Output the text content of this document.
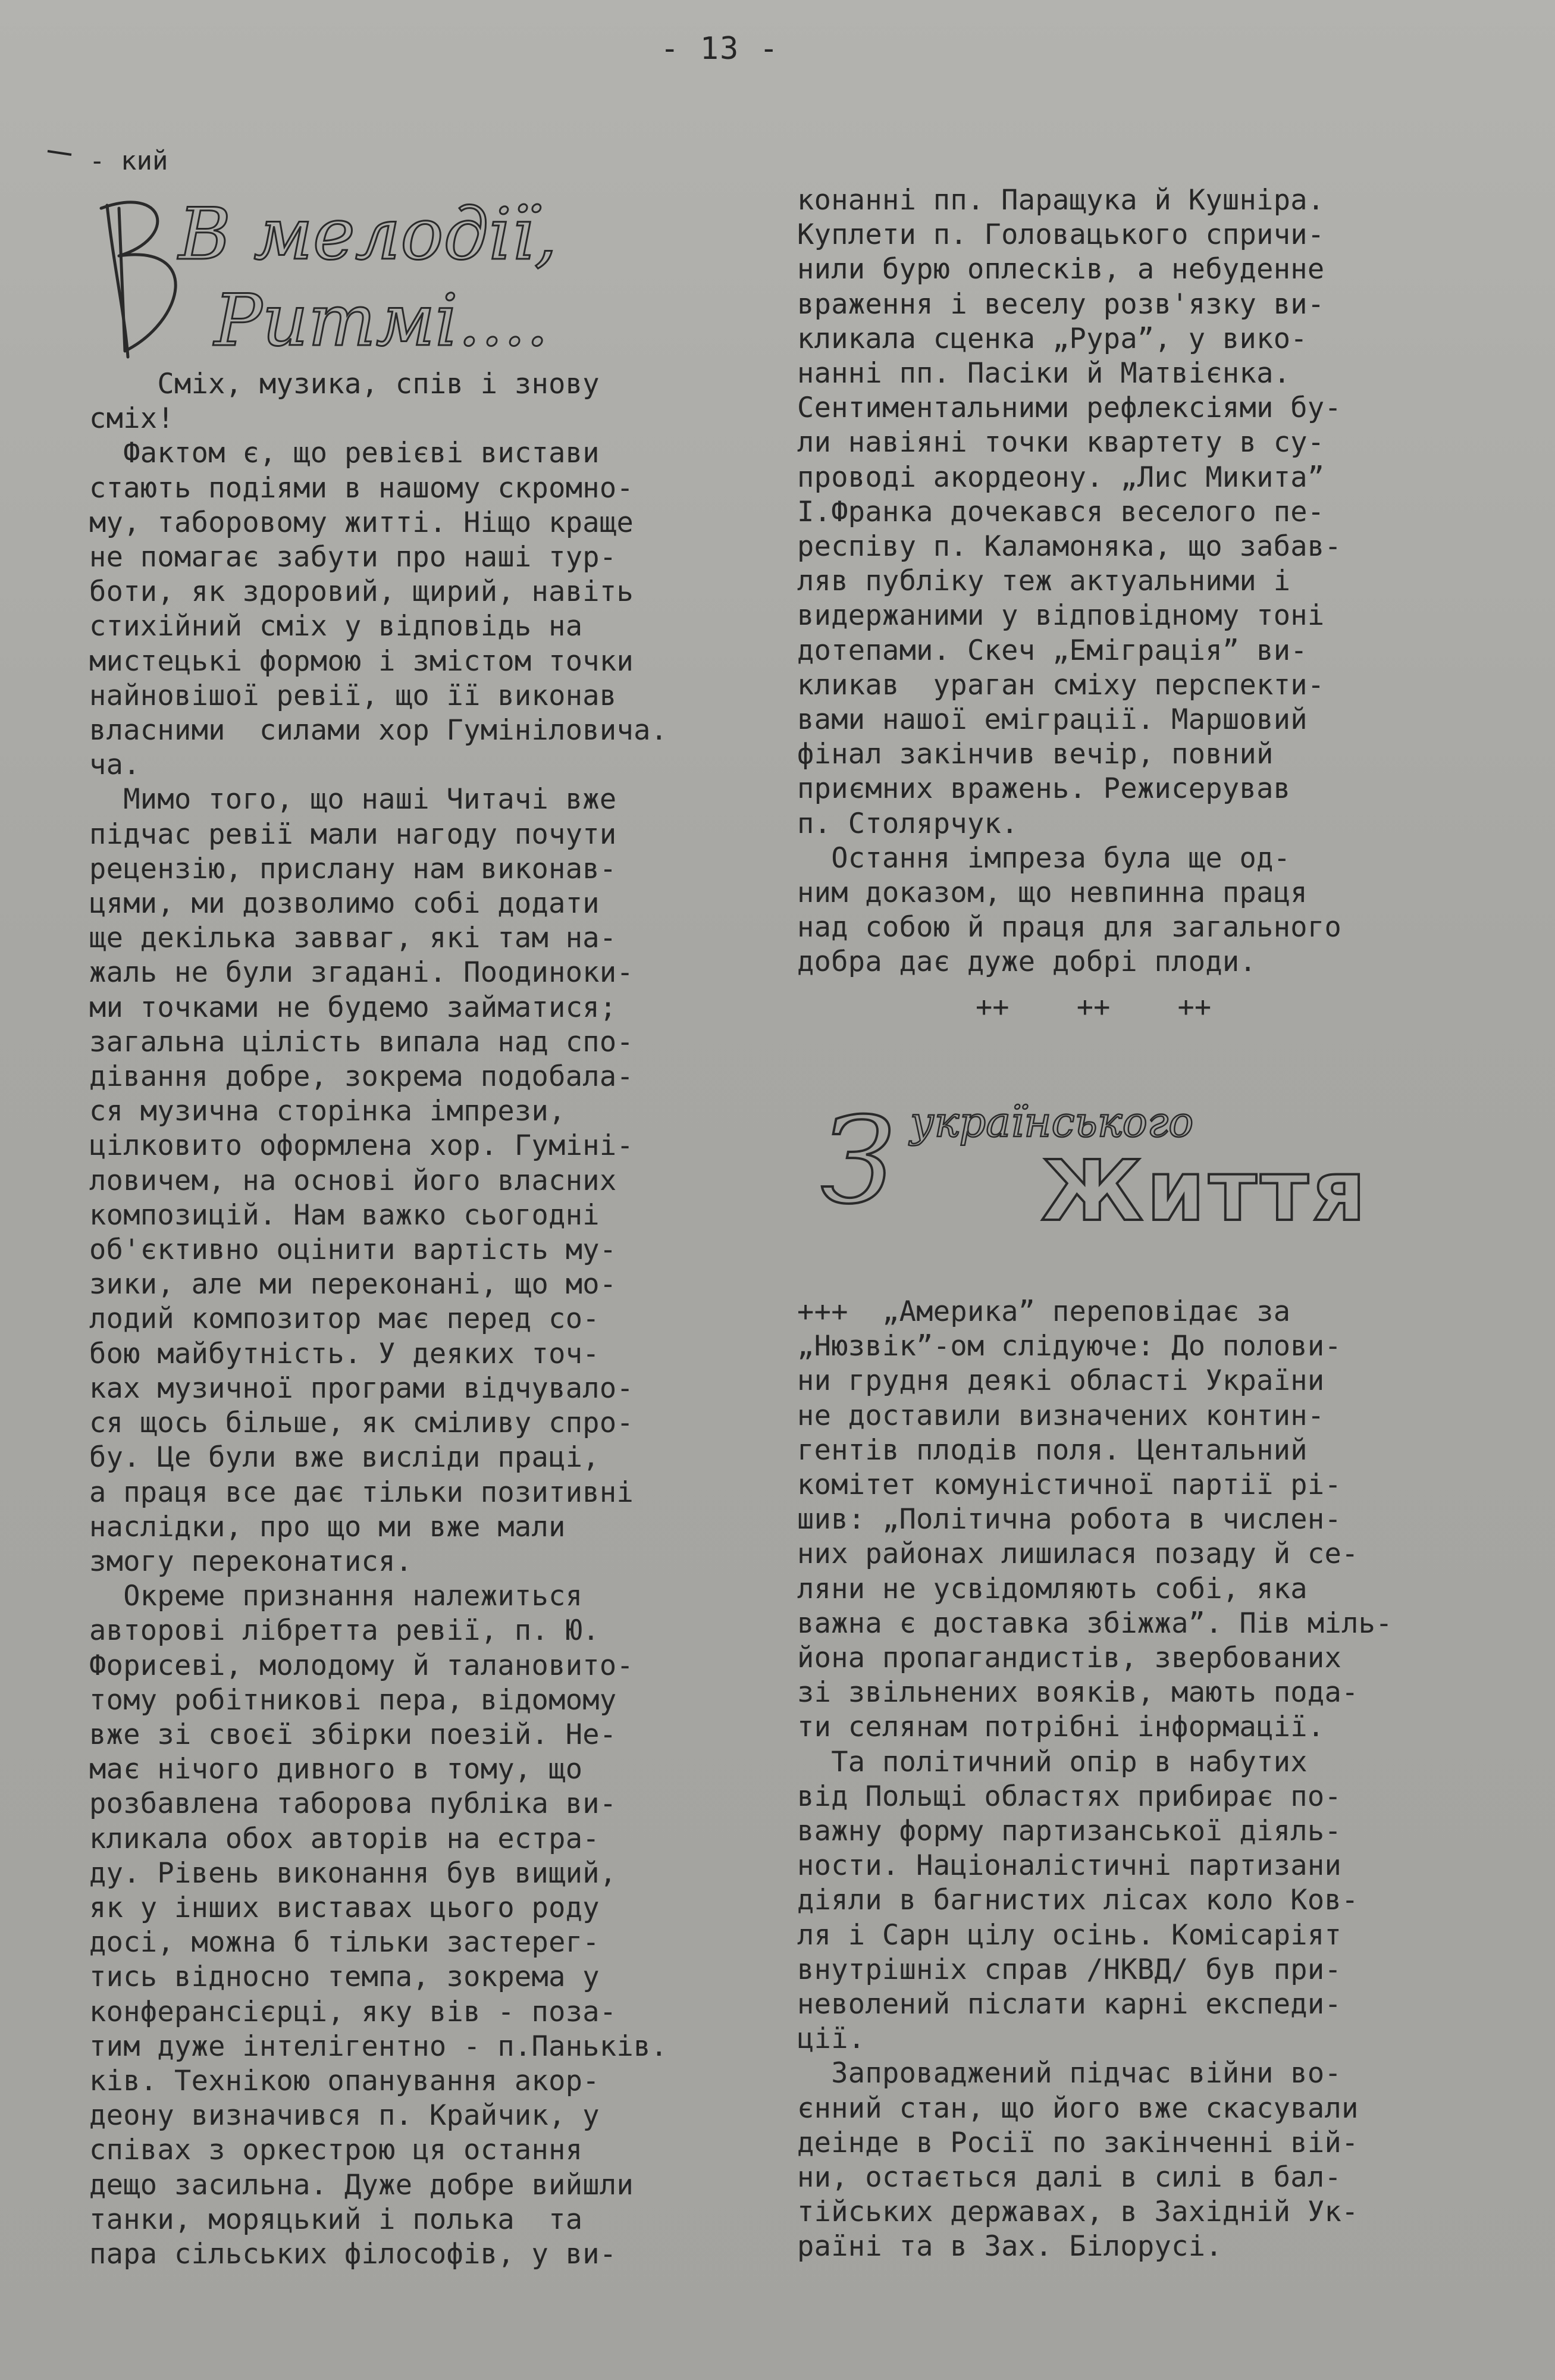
- 13 -
- кий
В мелодії,
Ритмі....

Сміх, музика, спів і знову

сміх!

Фактом є, що ревієві вистави

стають подіями в нашому скромно-

му, таборовому житті. Ніщо краще

не помагає забути про наші тур-

боти, як здоровий, щирий, навіть

стихійний сміх у відповідь на

мистецькі формою і змістом точки

найновішої ревії, що її виконав

власними  силами хор Гумініловича.

ча.

Мимо того, що наші Читачі вже

підчас ревії мали нагоду почути

рецензію, прислану нам виконав-

цями, ми дозволимо собі додати

ще декілька завваг, які там на-

жаль не були згадані. Поодиноки-

ми точками не будемо займатися;

загальна цілість випала над спо-

дівання добре, зокрема подобала-

ся музична сторінка імпрези,

цілковито оформлена хор. Гуміні-

ловичем, на основі його власних

композицій. Нам важко сьогодні

об'єктивно оцінити вартість му-

зики, але ми переконані, що мо-

лодий композитор має перед со-

бою майбутність. У деяких точ-

ках музичної програми відчувало-

ся щось більше, як сміливу спро-

бу. Це були вже висліди праці,

а праця все дає тільки позитивні

наслідки, про що ми вже мали

змогу переконатися.

Окреме признання належиться

авторові лібретта ревії, п. Ю.

Форисеві, молодому й талановито-

тому робітникові пера, відомому

вже зі своєї збірки поезій. Не-

має нічого дивного в тому, що

розбавлена таборова публіка ви-

кликала обох авторів на естра-

ду. Рівень виконання був вищий,

як у інших виставах цього роду

досі, можна б тільки застерег-

тись відносно темпа, зокрема у

конферансієрці, яку вів - поза-

тим дуже інтелігентно - п.Паньків.

ків. Технікою опанування акор-

деону визначився п. Крайчик, у

співах з оркестрою ця остання

дещо засильна. Дуже добре вийшли

танки, моряцький і полька  та

пара сільських філософів, у ви-

конанні пп. Паращука й Кушніра.

Куплети п. Головацького спричи-

нили бурю оплесків, а небуденне

враження і веселу розв'язку ви-

кликала сценка „Рура”, у вико-

нанні пп. Пасіки й Матвієнка.

Сентиментальними рефлексіями бу-

ли навіяні точки квартету в су-

проводі акордеону. „Лис Микита”

І.Франка дочекався веселого пе-

респіву п. Каламоняка, що забав-

ляв публіку теж актуальними і

видержаними у відповідному тоні

дотепами. Скеч „Еміграція” ви-

кликав  ураган сміху перспекти-

вами нашої еміграції. Маршовий

фінал закінчив вечір, повний

приємних вражень. Режисерував

п. Столярчук.

Остання імпреза була ще од-

ним доказом, що невпинна праця

над собою й праця для загального

добра дає дуже добрі плоди.

++    ++    ++
З українського
Життя

+++  „Америка” переповідає за

„Нюзвік”-ом слідуюче: До полови-

ни грудня деякі області України

не доставили визначених контин-

гентів плодів поля. Центальний

комітет комуністичної партії рі-

шив: „Політична робота в числен-

них районах лишилася позаду й се-

ляни не усвідомляють собі, яка

важна є доставка збіжжа”. Пів міль-

йона пропагандистів, звербованих

зі звільнених вояків, мають пода-

ти селянам потрібні інформації.

Та політичний опір в набутих

від Польщі областях прибирає по-

важну форму партизанської діяль-

ности. Націоналістичні партизани

діяли в багнистих лісах коло Ков-

ля і Сарн цілу осінь. Комісаріят

внутрішніх справ /НКВД/ був при-

неволений післати карні експеди-

ції.

Запроваджений підчас війни во-

єнний стан, що його вже скасували

деінде в Росії по закінченні вій-

ни, остається далі в силі в бал-

тійських державах, в Західній Ук-

раїні та в Зах. Білорусі.
